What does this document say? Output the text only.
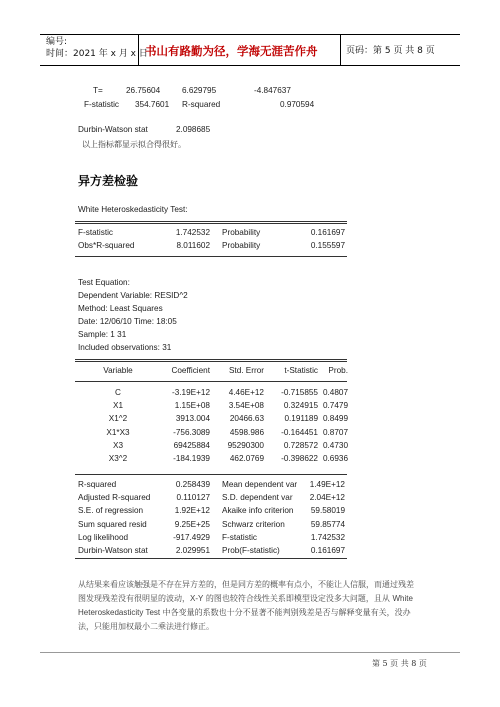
编号:
时间：2021 年 x 月 x 日
书山有路勤为径，学海无涯苦作舟	页码：第 5 页 共 8 页
T=	26.75604	6.629795	-4.847637
F-statistic 354.7601 R-squared	0.970594
Durbin-Watson stat	2.098685
以上指标都显示拟合得很好。
异方差检验
White Heteroskedasticity Test:
F-statistic	1.742532 Probability	0.161697
Obs*R-squared	8.011602 Probability	0.155597
Test Equation:
Dependent Variable: RESID^2
Method: Least Squares
Date: 12/06/10 Time: 18:05
Sample: 1 31
Included observations: 31
Variable	Coefficient	Std. Error	t-Statistic	Prob.
C	-3.19E+12	4.46E+12	-0.715855 0.4807
X1	1.15E+08	3.54E+08	0.324915 0.7479
X1^2	3913.004	20466.63	0.191189 0.8499
X1*X3	-756.3089	4598.986	-0.164451 0.8707
X3	69425884	95290300	0.728572 0.4730
X3^2	-184.1939	462.0769	-0.398622 0.6936
R-squared	0.258439 Mean dependent var	1.49E+12
Adjusted R-squared	0.110127 S.D. dependent var	2.04E+12
S.E. of regression	1.92E+12 Akaike info criterion	59.58019
Sum squared resid	9.25E+25 Schwarz criterion	59.85774
Log likelihood	-917.4929 F-statistic	1.742532
Durbin-Watson stat	2.029951 Prob(F-statistic)	0.161697
从结果来看应该触强是不存在异方差的，但是同方差的概率有点小，不能让人信服，而通过残差
图发现残差没有很明显的波动，X-Y 的图也较符合线性关系即模型设定没多大问题，且从 White
Heteroskedasticity Test 中各变量的系数也十分不显著不能判别残差是否与解释变量有关，没办
法，只能用加权最小二乘法进行修正。
第 5 页 共 8 页
